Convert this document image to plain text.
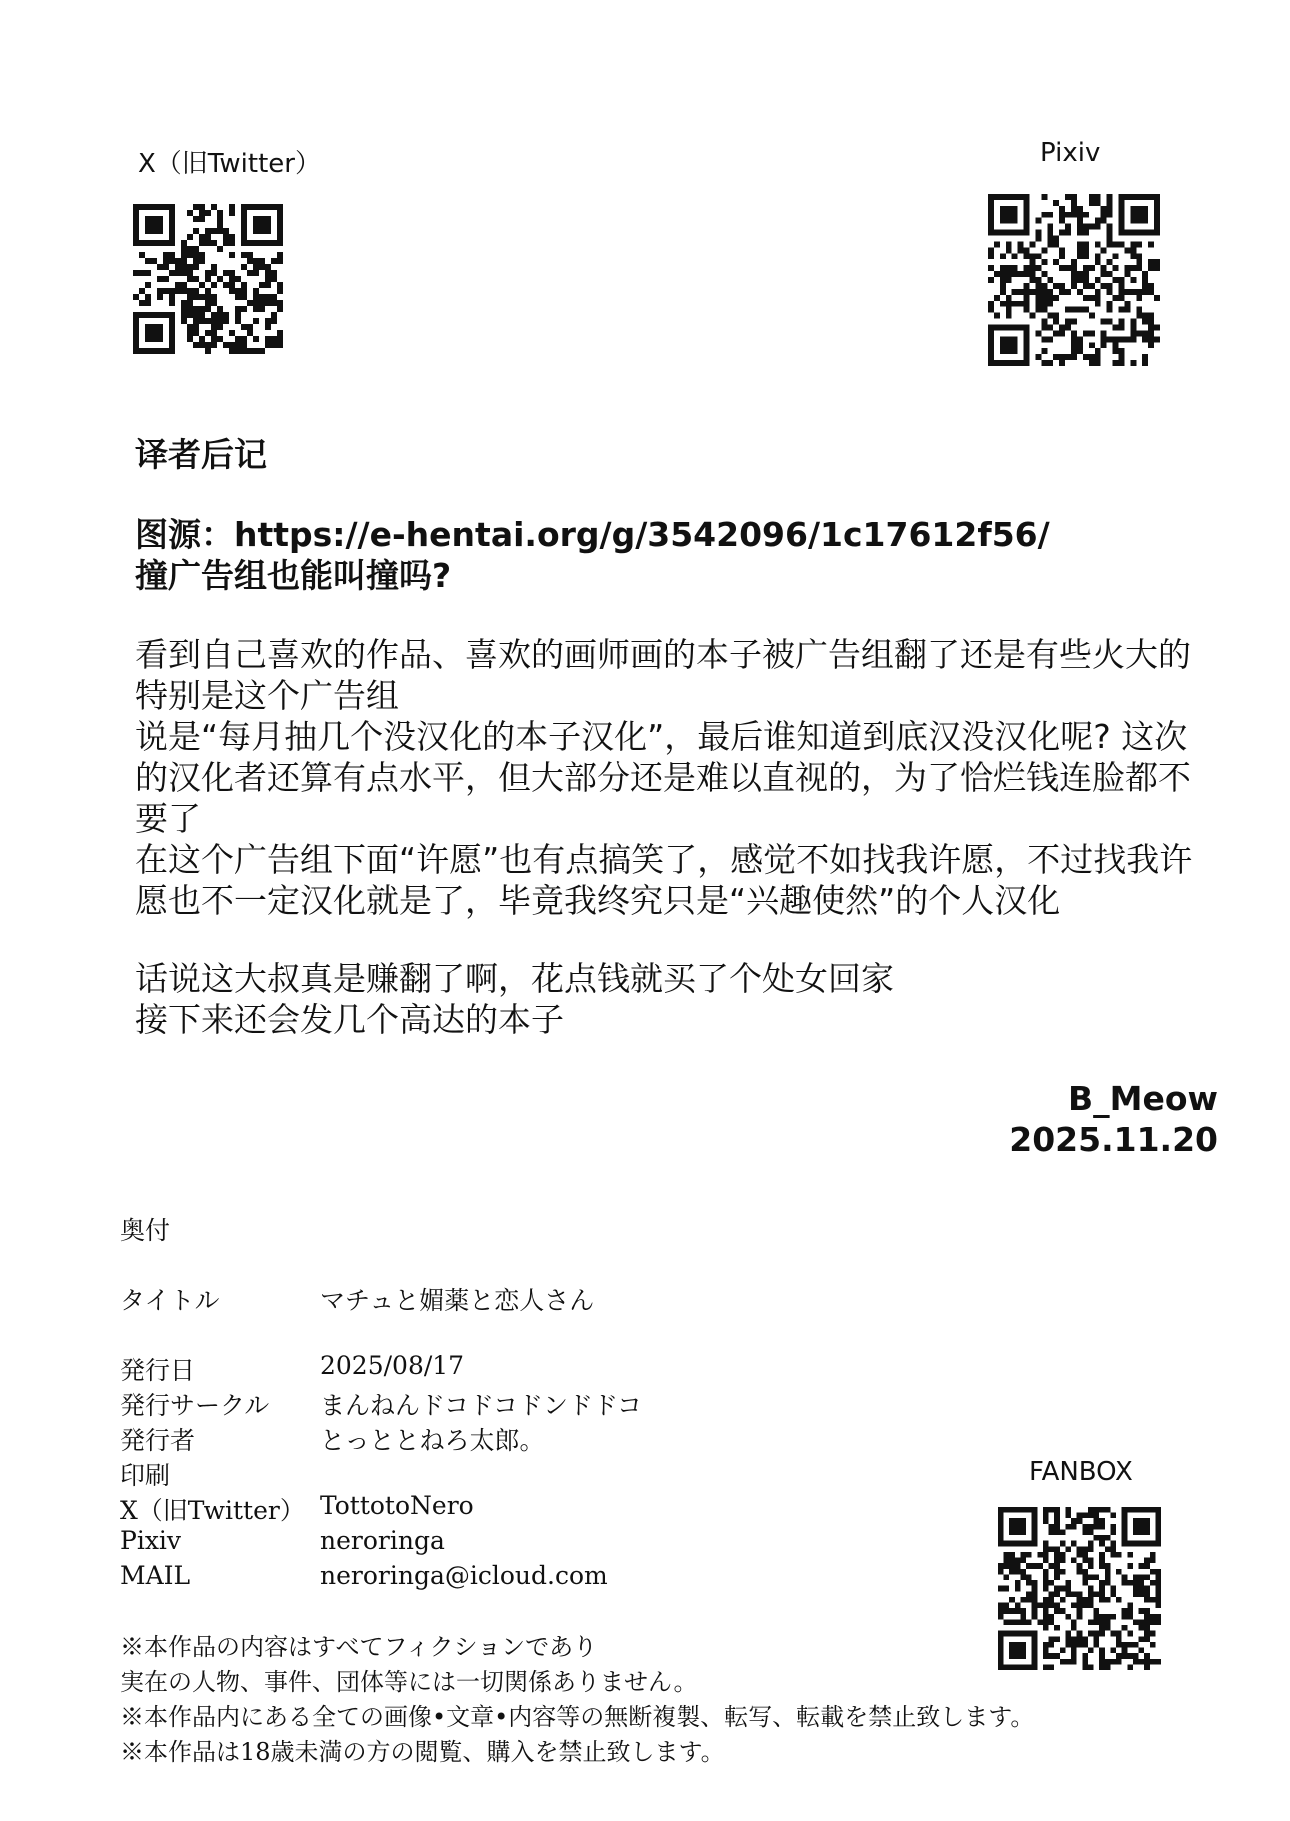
X（旧Twitter）	Pixiv
FANBOX
译者后记
图源：https://e-hentai.org/g/3542096/1c17612f56/
撞广告组也能叫撞吗?
看到自己喜欢的作品、喜欢的画师画的本子被广告组翻了还是有些火大的
特别是这个广告组
说是“每月抽几个没汉化的本子汉化”，最后谁知道到底汉没汉化呢? 这次
的汉化者还算有点水平，但大部分还是难以直视的，为了恰烂钱连脸都不
要了
在这个广告组下面“许愿”也有点搞笑了，感觉不如找我许愿，不过找我许
愿也不一定汉化就是了，毕竟我终究只是“兴趣使然”的个人汉化
话说这大叔真是赚翻了啊，花点钱就买了个处女回家
接下来还会发几个高达的本子
B_Meow
2025.11.20
奥付
タイトル	マチュと媚薬と恋人さん
発行日	2025/08/17
発行サークル まんねんドコドコドンドドコ
発行者	とっととねろ太郎。
印刷
X（旧Twitter） TottotoNero
Pixiv	neroringa
MAIL	neroringa@icloud.com
※本作品の内容はすべてフィクションであり
実在の人物、事件、団体等には一切関係ありません。
※本作品内にある全ての画像•文章•内容等の無断複製、転写、転載を禁止致します。
※本作品は18歳未満の方の閲覧、購入を禁止致します。
